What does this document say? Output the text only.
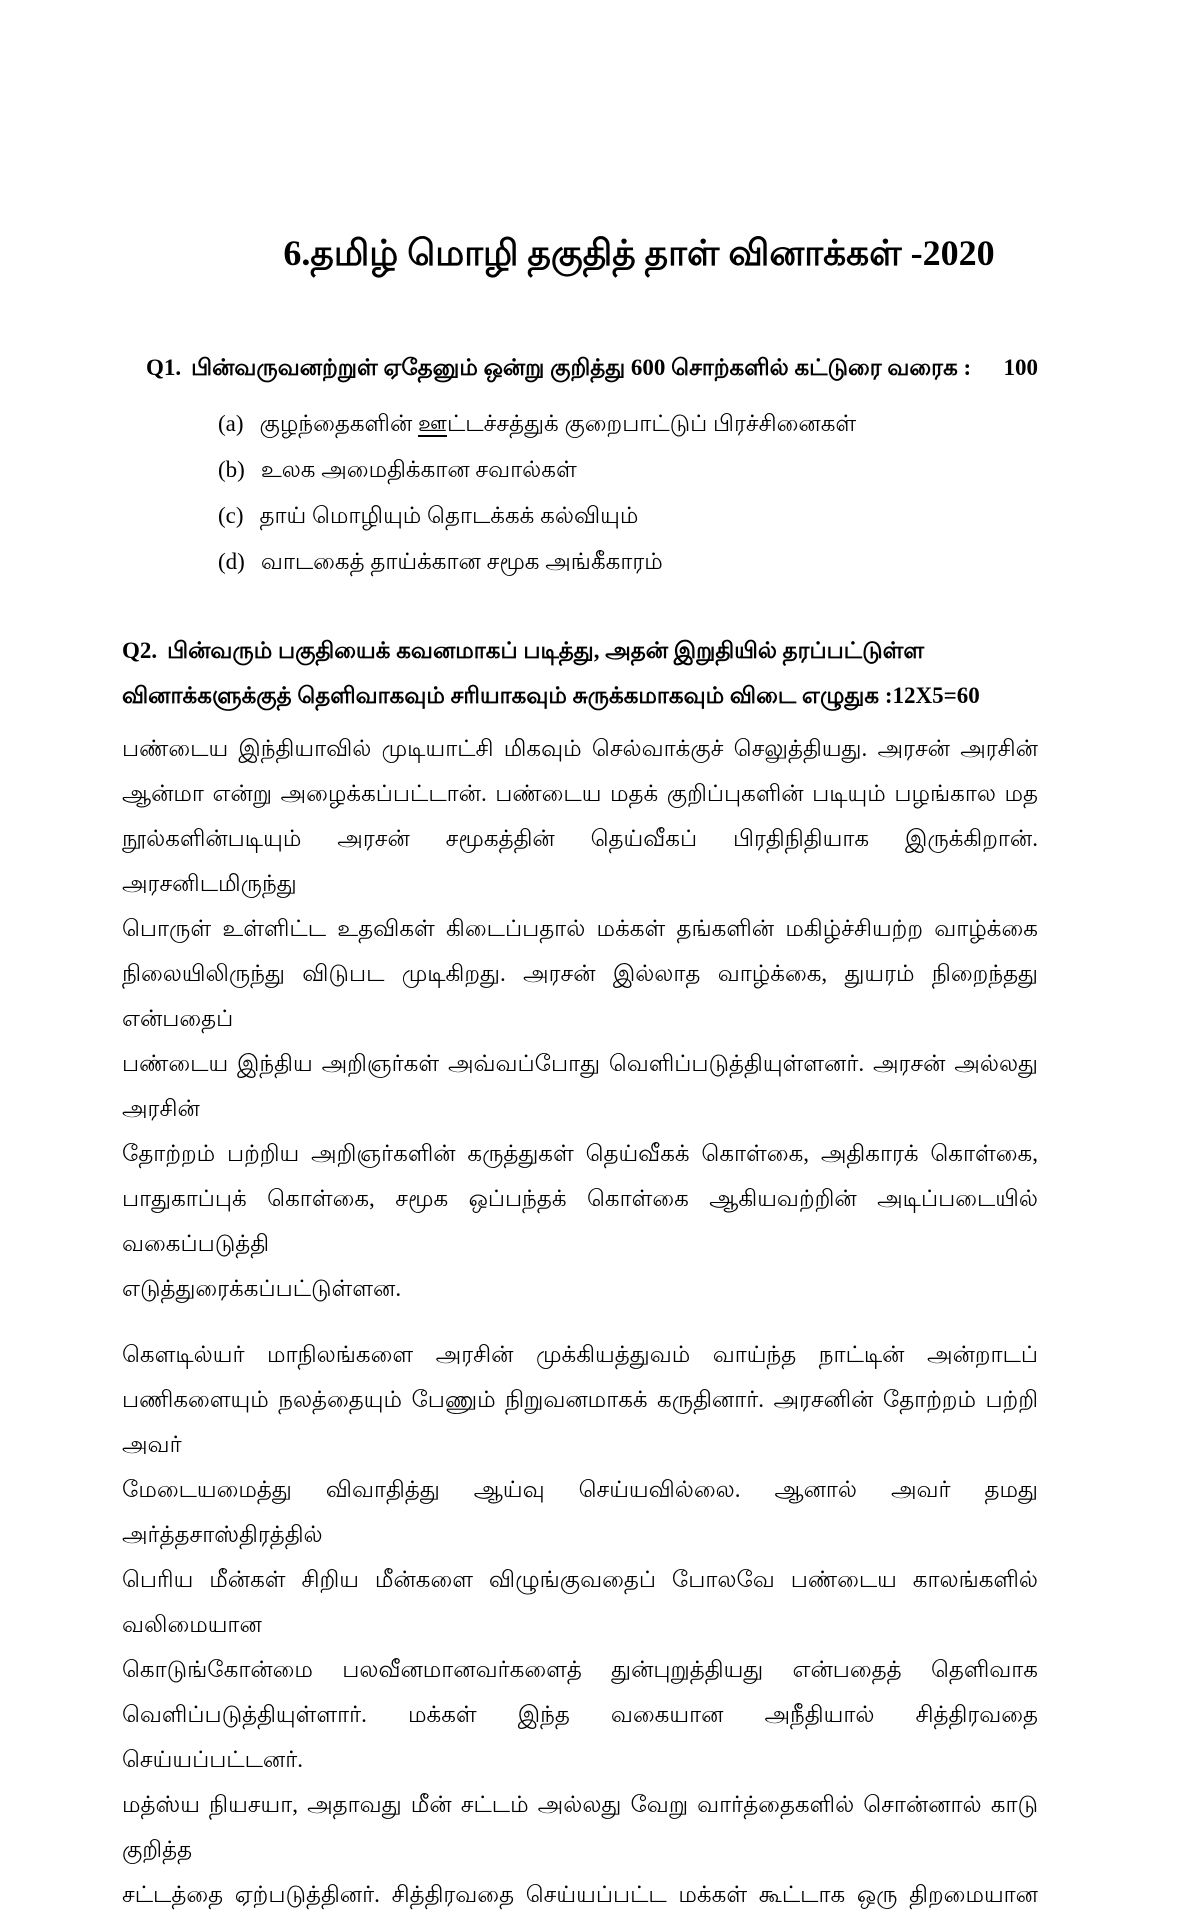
6.தமிழ் மொழி தகுதித் தாள் வினாக்கள் -2020
Q1. பின்வருவனற்றுள் ஏதேனும் ஒன்று குறித்து 600 சொற்களில் கட்டுரை வரைக : 100
(a) குழந்தைகளின் ஊட்டச்சத்துக் குறைபாட்டுப் பிரச்சினைகள்
(b) உலக அமைதிக்கான சவால்கள்
(c) தாய் மொழியும் தொடக்கக் கல்வியும்
(d) வாடகைத் தாய்க்கான சமூக அங்கீகாரம்
Q2. பின்வரும் பகுதியைக் கவனமாகப் படித்து, அதன் இறுதியில் தரப்பட்டுள்ள
வினாக்களுக்குத் தெளிவாகவும் சரியாகவும் சுருக்கமாகவும் விடை எழுதுக :12X5=60
பண்டைய இந்தியாவில் முடியாட்சி மிகவும் செல்வாக்குச் செலுத்தியது. அரசன் அரசின்
ஆன்மா என்று அழைக்கப்பட்டான். பண்டைய மதக் குறிப்புகளின் படியும் பழங்கால மத
நூல்களின்படியும் அரசன் சமூகத்தின் தெய்வீகப் பிரதிநிதியாக இருக்கிறான். அரசனிடமிருந்து
பொருள் உள்ளிட்ட உதவிகள் கிடைப்பதால் மக்கள் தங்களின் மகிழ்ச்சியற்ற வாழ்க்கை
நிலையிலிருந்து விடுபட முடிகிறது. அரசன் இல்லாத வாழ்க்கை, துயரம் நிறைந்தது என்பதைப்
பண்டைய இந்திய அறிஞர்கள் அவ்வப்போது வெளிப்படுத்தியுள்ளனர். அரசன் அல்லது அரசின்
தோற்றம் பற்றிய அறிஞர்களின் கருத்துகள் தெய்வீகக் கொள்கை, அதிகாரக் கொள்கை,
பாதுகாப்புக் கொள்கை, சமூக ஒப்பந்தக் கொள்கை ஆகியவற்றின் அடிப்படையில் வகைப்படுத்தி
எடுத்துரைக்கப்பட்டுள்ளன.
கௌடில்யர் மாநிலங்களை அரசின் முக்கியத்துவம் வாய்ந்த நாட்டின் அன்றாடப்
பணிகளையும் நலத்தையும் பேணும் நிறுவனமாகக் கருதினார். அரசனின் தோற்றம் பற்றி அவர்
மேடையமைத்து விவாதித்து ஆய்வு செய்யவில்லை. ஆனால் அவர் தமது அர்த்தசாஸ்திரத்தில்
பெரிய மீன்கள் சிறிய மீன்களை விழுங்குவதைப் போலவே பண்டைய காலங்களில் வலிமையான
கொடுங்கோன்மை பலவீனமானவர்களைத் துன்புறுத்தியது என்பதைத் தெளிவாக
வெளிப்படுத்தியுள்ளார். மக்கள் இந்த வகையான அநீதியால் சித்திரவதை செய்யப்பட்டனர்.
மத்ஸ்ய நியசயா, அதாவது மீன் சட்டம் அல்லது வேறு வார்த்தைகளில் சொன்னால் காடு குறித்த
சட்டத்தை ஏற்படுத்தினர். சித்திரவதை செய்யப்பட்ட மக்கள் கூட்டாக ஒரு திறமையான
